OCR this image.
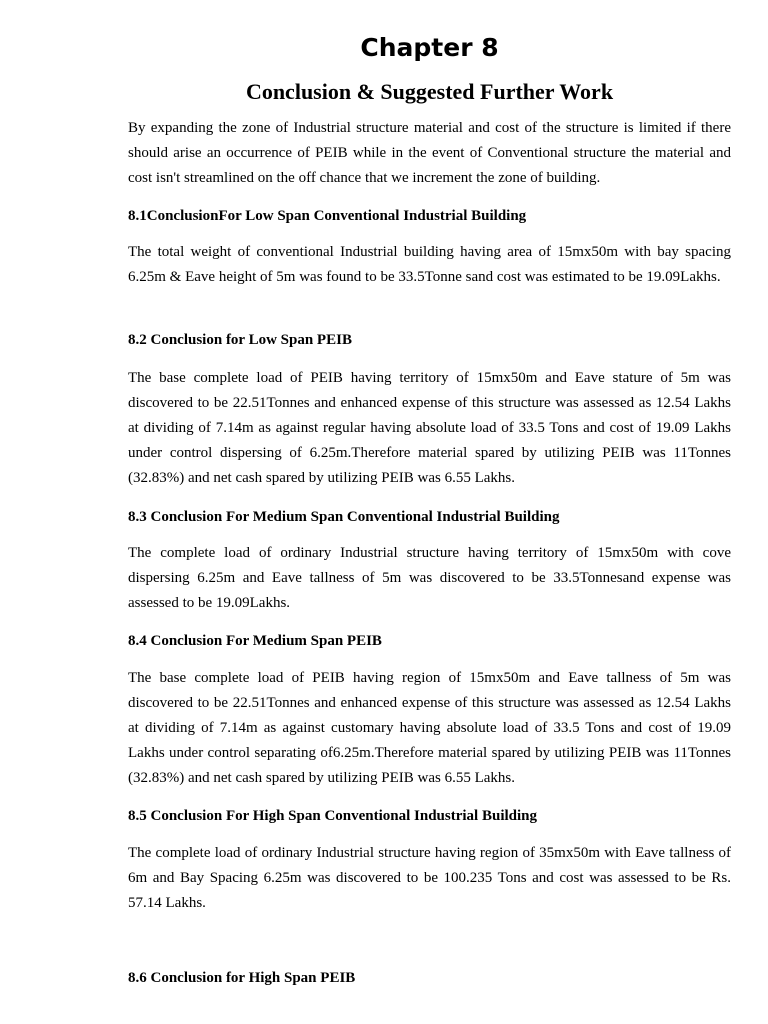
Chapter 8
Conclusion & Suggested Further Work

By expanding the zone of Industrial structure material and cost of the structure is limited if there should arise an occurrence of PEIB while in the event of Conventional structure the material and cost isn't streamlined on the off chance that we increment the zone of building.

8.1ConclusionFor Low Span Conventional Industrial Building

The total weight of conventional Industrial building having area of 15mx50m with bay spacing 6.25m & Eave height of 5m was found to be 33.5Tonne sand cost was estimated to be 19.09Lakhs.

8.2 Conclusion for Low Span PEIB

The base complete load of PEIB having territory of 15mx50m and Eave stature of 5m was discovered to be 22.51Tonnes and enhanced expense of this structure was assessed as 12.54 Lakhs at dividing of 7.14m as against regular having absolute load of 33.5 Tons and cost of 19.09 Lakhs under control dispersing of 6.25m.Therefore material spared by utilizing PEIB was 11Tonnes (32.83%) and net cash spared by utilizing PEIB was 6.55 Lakhs.

8.3 Conclusion For Medium Span Conventional Industrial Building

The complete load of ordinary Industrial structure having territory of 15mx50m with cove dispersing 6.25m and Eave tallness of 5m was discovered to be 33.5Tonnesand expense was assessed to be 19.09Lakhs.

8.4 Conclusion For Medium Span PEIB

The base complete load of PEIB having region of 15mx50m and Eave tallness of 5m was discovered to be 22.51Tonnes and enhanced expense of this structure was assessed as 12.54 Lakhs at dividing of 7.14m as against customary having absolute load of 33.5 Tons and cost of 19.09 Lakhs under control separating of6.25m.Therefore material spared by utilizing PEIB was 11Tonnes (32.83%) and net cash spared by utilizing PEIB was 6.55 Lakhs.

8.5 Conclusion For High Span Conventional Industrial Building

The complete load of ordinary Industrial structure having region of 35mx50m with Eave tallness of 6m and Bay Spacing 6.25m was discovered to be 100.235 Tons and cost was assessed to be Rs. 57.14 Lakhs.

8.6 Conclusion for High Span PEIB
